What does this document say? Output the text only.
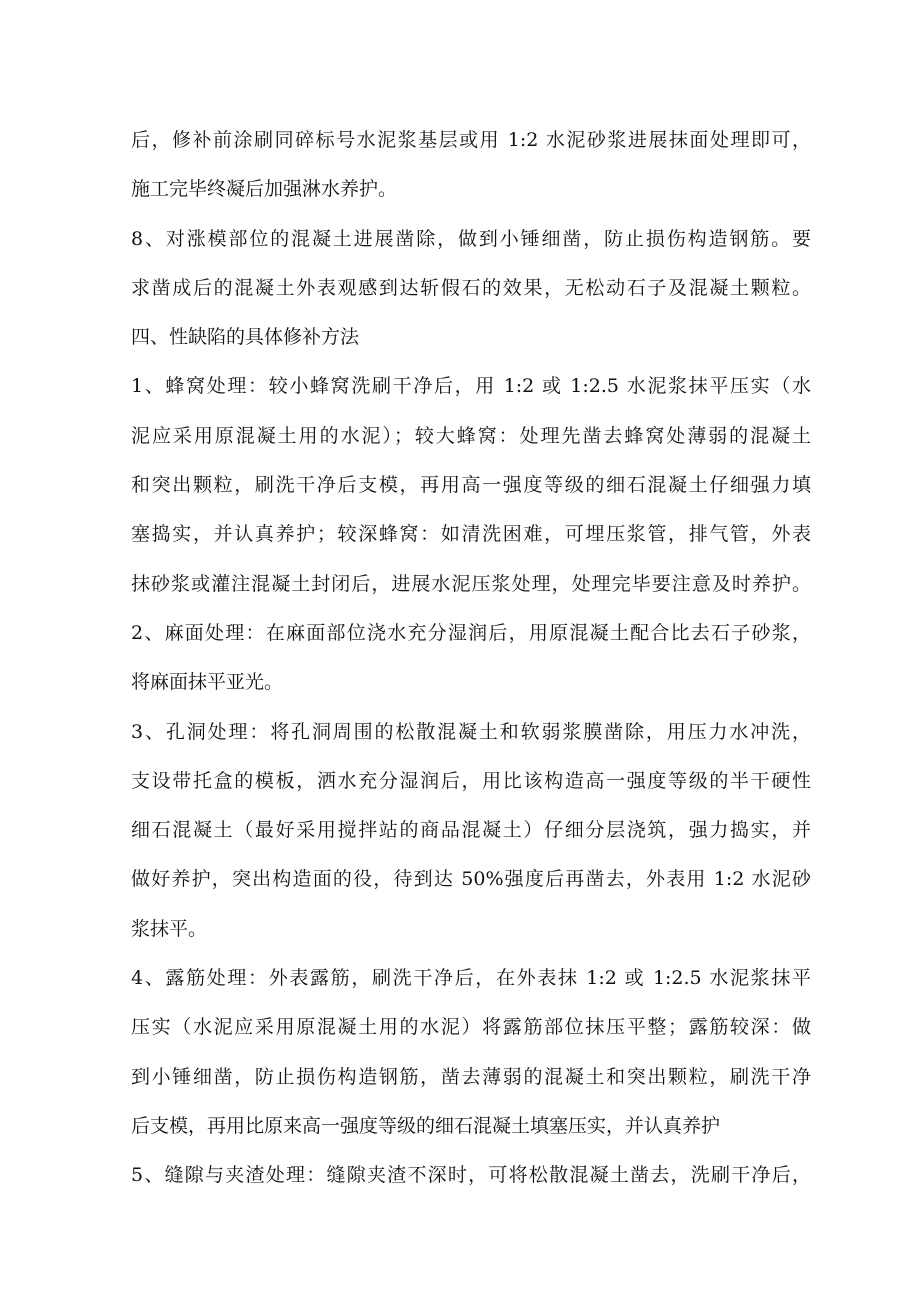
后，修补前涂刷同碎标号水泥浆基层或用 1:2 水泥砂浆进展抹面处理即可，
施工完毕终凝后加强淋水养护。
8、对涨模部位的混凝土进展凿除，做到小锤细凿，防止损伤构造钢筋。要
求凿成后的混凝土外表观感到达斩假石的效果，无松动石子及混凝土颗粒。
四、性缺陷的具体修补方法
1、蜂窝处理：较小蜂窝洗刷干净后，用 1:2 或 1:2.5 水泥浆抹平压实（水
泥应采用原混凝土用的水泥）；较大蜂窝：处理先凿去蜂窝处薄弱的混凝土
和突出颗粒，刷洗干净后支模，再用高一强度等级的细石混凝土仔细强力填
塞捣实，并认真养护；较深蜂窝：如清洗困难，可埋压浆管，排气管，外表
抹砂浆或灌注混凝土封闭后，进展水泥压浆处理，处理完毕要注意及时养护。
2、麻面处理：在麻面部位浇水充分湿润后，用原混凝土配合比去石子砂浆，
将麻面抹平亚光。
3、孔洞处理：将孔洞周围的松散混凝土和软弱浆膜凿除，用压力水冲洗，
支设带托盒的模板，洒水充分湿润后，用比该构造高一强度等级的半干硬性
细石混凝土（最好采用搅拌站的商品混凝土）仔细分层浇筑，强力捣实，并
做好养护，突出构造面的役，待到达 50%强度后再凿去，外表用 1:2 水泥砂
浆抹平。
4、露筋处理：外表露筋，刷洗干净后，在外表抹 1:2 或 1:2.5 水泥浆抹平
压实（水泥应采用原混凝土用的水泥）将露筋部位抹压平整；露筋较深：做
到小锤细凿，防止损伤构造钢筋，凿去薄弱的混凝土和突出颗粒，刷洗干净
后支模，再用比原来高一强度等级的细石混凝土填塞压实，并认真养护
5、缝隙与夹渣处理：缝隙夹渣不深时，可将松散混凝土凿去，洗刷干净后，
